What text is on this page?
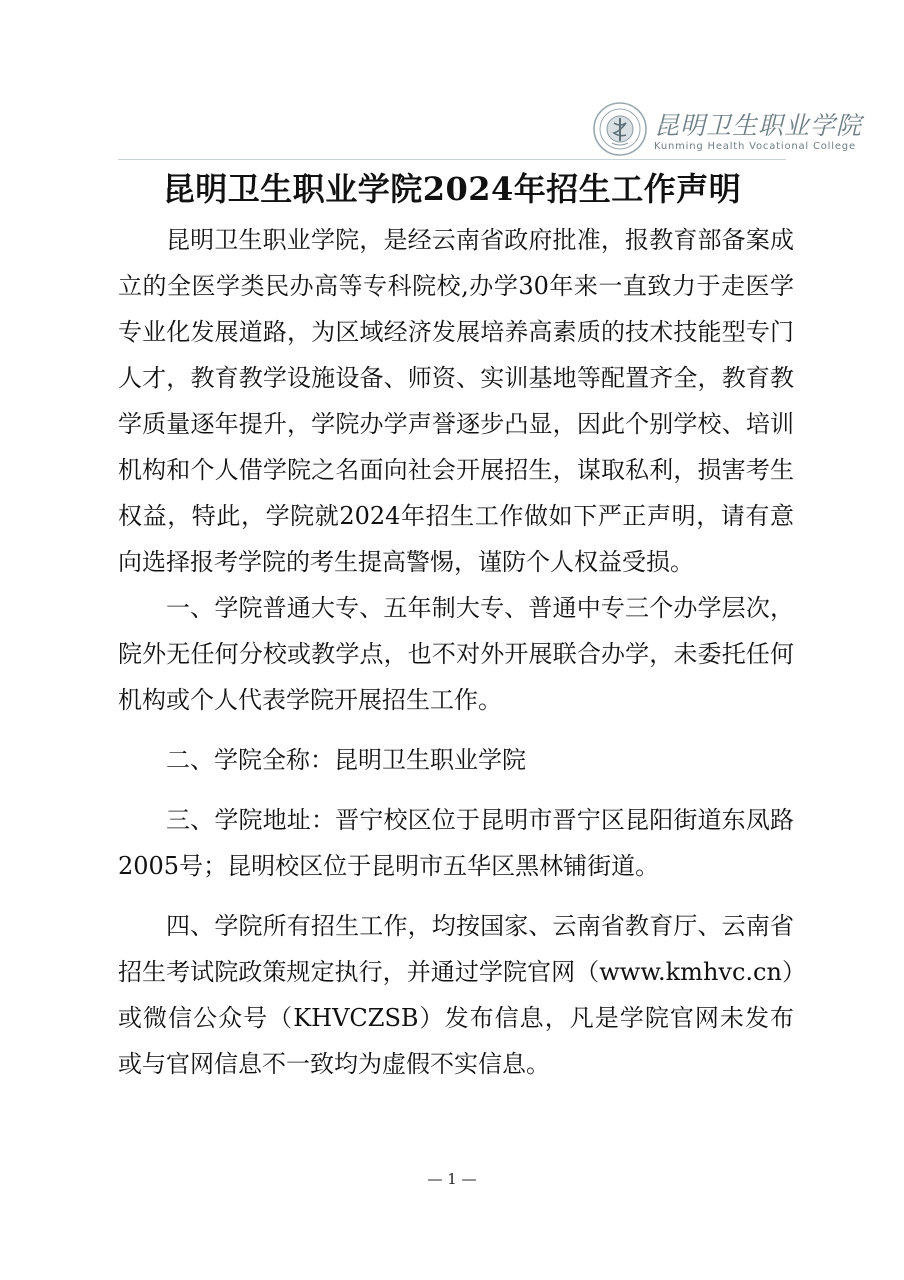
昆明卫生职业学院
Kunming Health Vocational College
昆明卫生职业学院2024年招生工作声明

昆明卫生职业学院，是经云南省政府批准，报教育部备案成立的全医学类民办高等专科院校,办学30年来一直致力于走医学专业化发展道路，为区域经济发展培养高素质的技术技能型专门人才，教育教学设施设备、师资、实训基地等配置齐全，教育教学质量逐年提升，学院办学声誉逐步凸显，因此个别学校、培训机构和个人借学院之名面向社会开展招生，谋取私利，损害考生权益，特此，学院就2024年招生工作做如下严正声明，请有意向选择报考学院的考生提高警惕，谨防个人权益受损。

一、学院普通大专、五年制大专、普通中专三个办学层次，院外无任何分校或教学点，也不对外开展联合办学，未委托任何机构或个人代表学院开展招生工作。

二、学院全称：昆明卫生职业学院

三、学院地址：晋宁校区位于昆明市晋宁区昆阳街道东凤路2005号；昆明校区位于昆明市五华区黑林铺街道。

四、学院所有招生工作，均按国家、云南省教育厅、云南省招生考试院政策规定执行，并通过学院官网（www.kmhvc.cn）或微信公众号（KHVCZSB）发布信息，凡是学院官网未发布或与官网信息不一致均为虚假不实信息。

— 1 —
